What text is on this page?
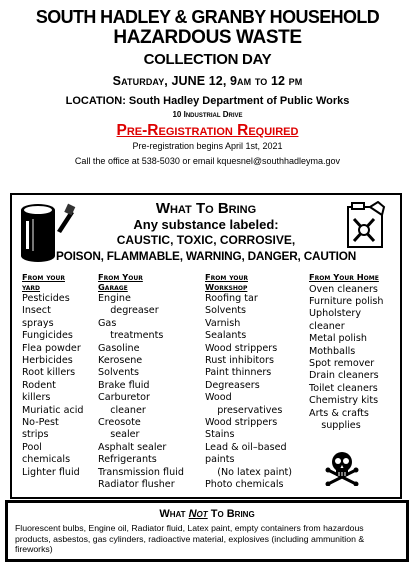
SOUTH HADLEY & GRANBY HOUSEHOLD
HAZARDOUS WASTE
COLLECTION DAY
Saturday, JUNE 12, 9am to 12 pm
LOCATION: South Hadley Department of Public Works
10 Industrial Drive
Pre-Registration Required
Pre-registration begins April 1st, 2021
Call the office at 538-5030 or email kquesnel@southhadleyma.gov
What To Bring
Any substance labeled:
CAUSTIC, TOXIC, CORROSIVE,
POISON, FLAMMABLE, WARNING, DANGER, CAUTION
From your
yard
Pesticides
Insect
sprays
Fungicides
Flea powder
Herbicides
Root killers
Rodent
killers
Muriatic acid
No-Pest
strips
Pool
chemicals
Lighter fluid
From Your
Garage
Engine
degreaser
Gas
treatments
Gasoline
Kerosene
Solvents
Brake fluid
Carburetor
cleaner
Creosote
sealer
Asphalt sealer
Refrigerants
Transmission fluid
Radiator flusher
From your
Workshop
Roofing tar
Solvents
Varnish
Sealants
Wood strippers
Rust inhibitors
Paint thinners
Degreasers
Wood
preservatives
Wood strippers
Stains
Lead & oil–based
paints
(No latex paint)
Photo chemicals
From Your Home
Oven cleaners
Furniture polish
Upholstery
cleaner
Metal polish
Mothballs
Spot remover
Drain cleaners
Toilet cleaners
Chemistry kits
Arts & crafts
supplies
What Not To Bring
Fluorescent bulbs, Engine oil, Radiator fluid, Latex paint, empty containers from hazardous products, asbestos, gas cylinders, radioactive material, explosives (including ammunition & fireworks)
